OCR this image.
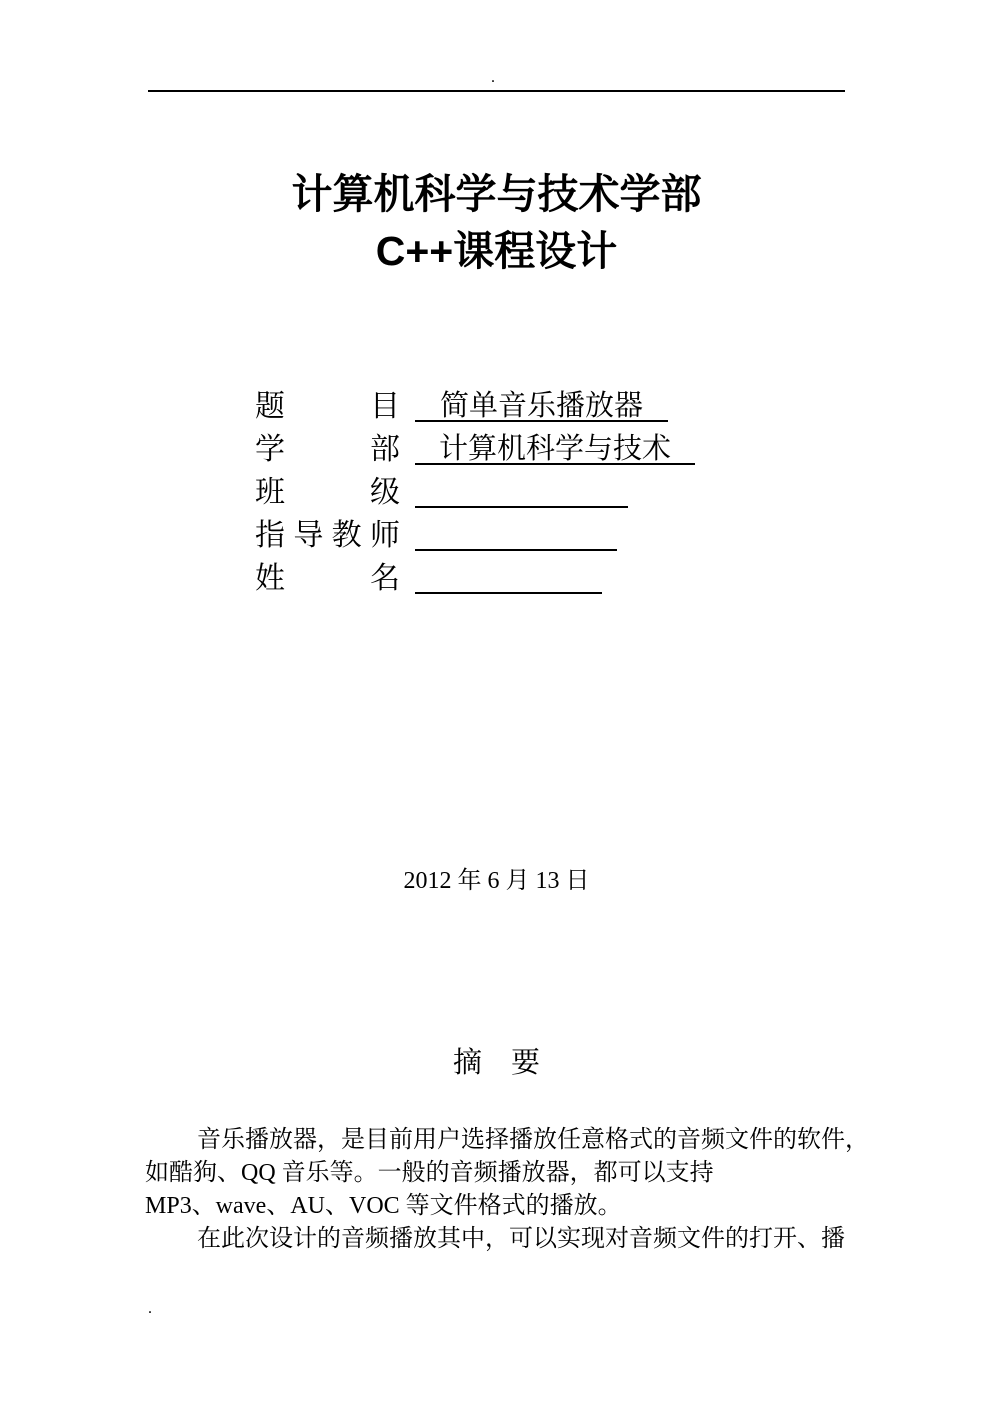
.
计算机科学与技术学部
C++课程设计
题目	简单音乐播放器
学部	计算机科学与技术
班级
指导教师
姓名
2012 年 6 月 13 日
摘　要
音乐播放器，是目前用户选择播放任意格式的音频文件的软件，
如酷狗、QQ 音乐等。一般的音频播放器，都可以支持
MP3、wave、AU、VOC 等文件格式的播放。
在此次设计的音频播放其中，可以实现对音频文件的打开、播
.
